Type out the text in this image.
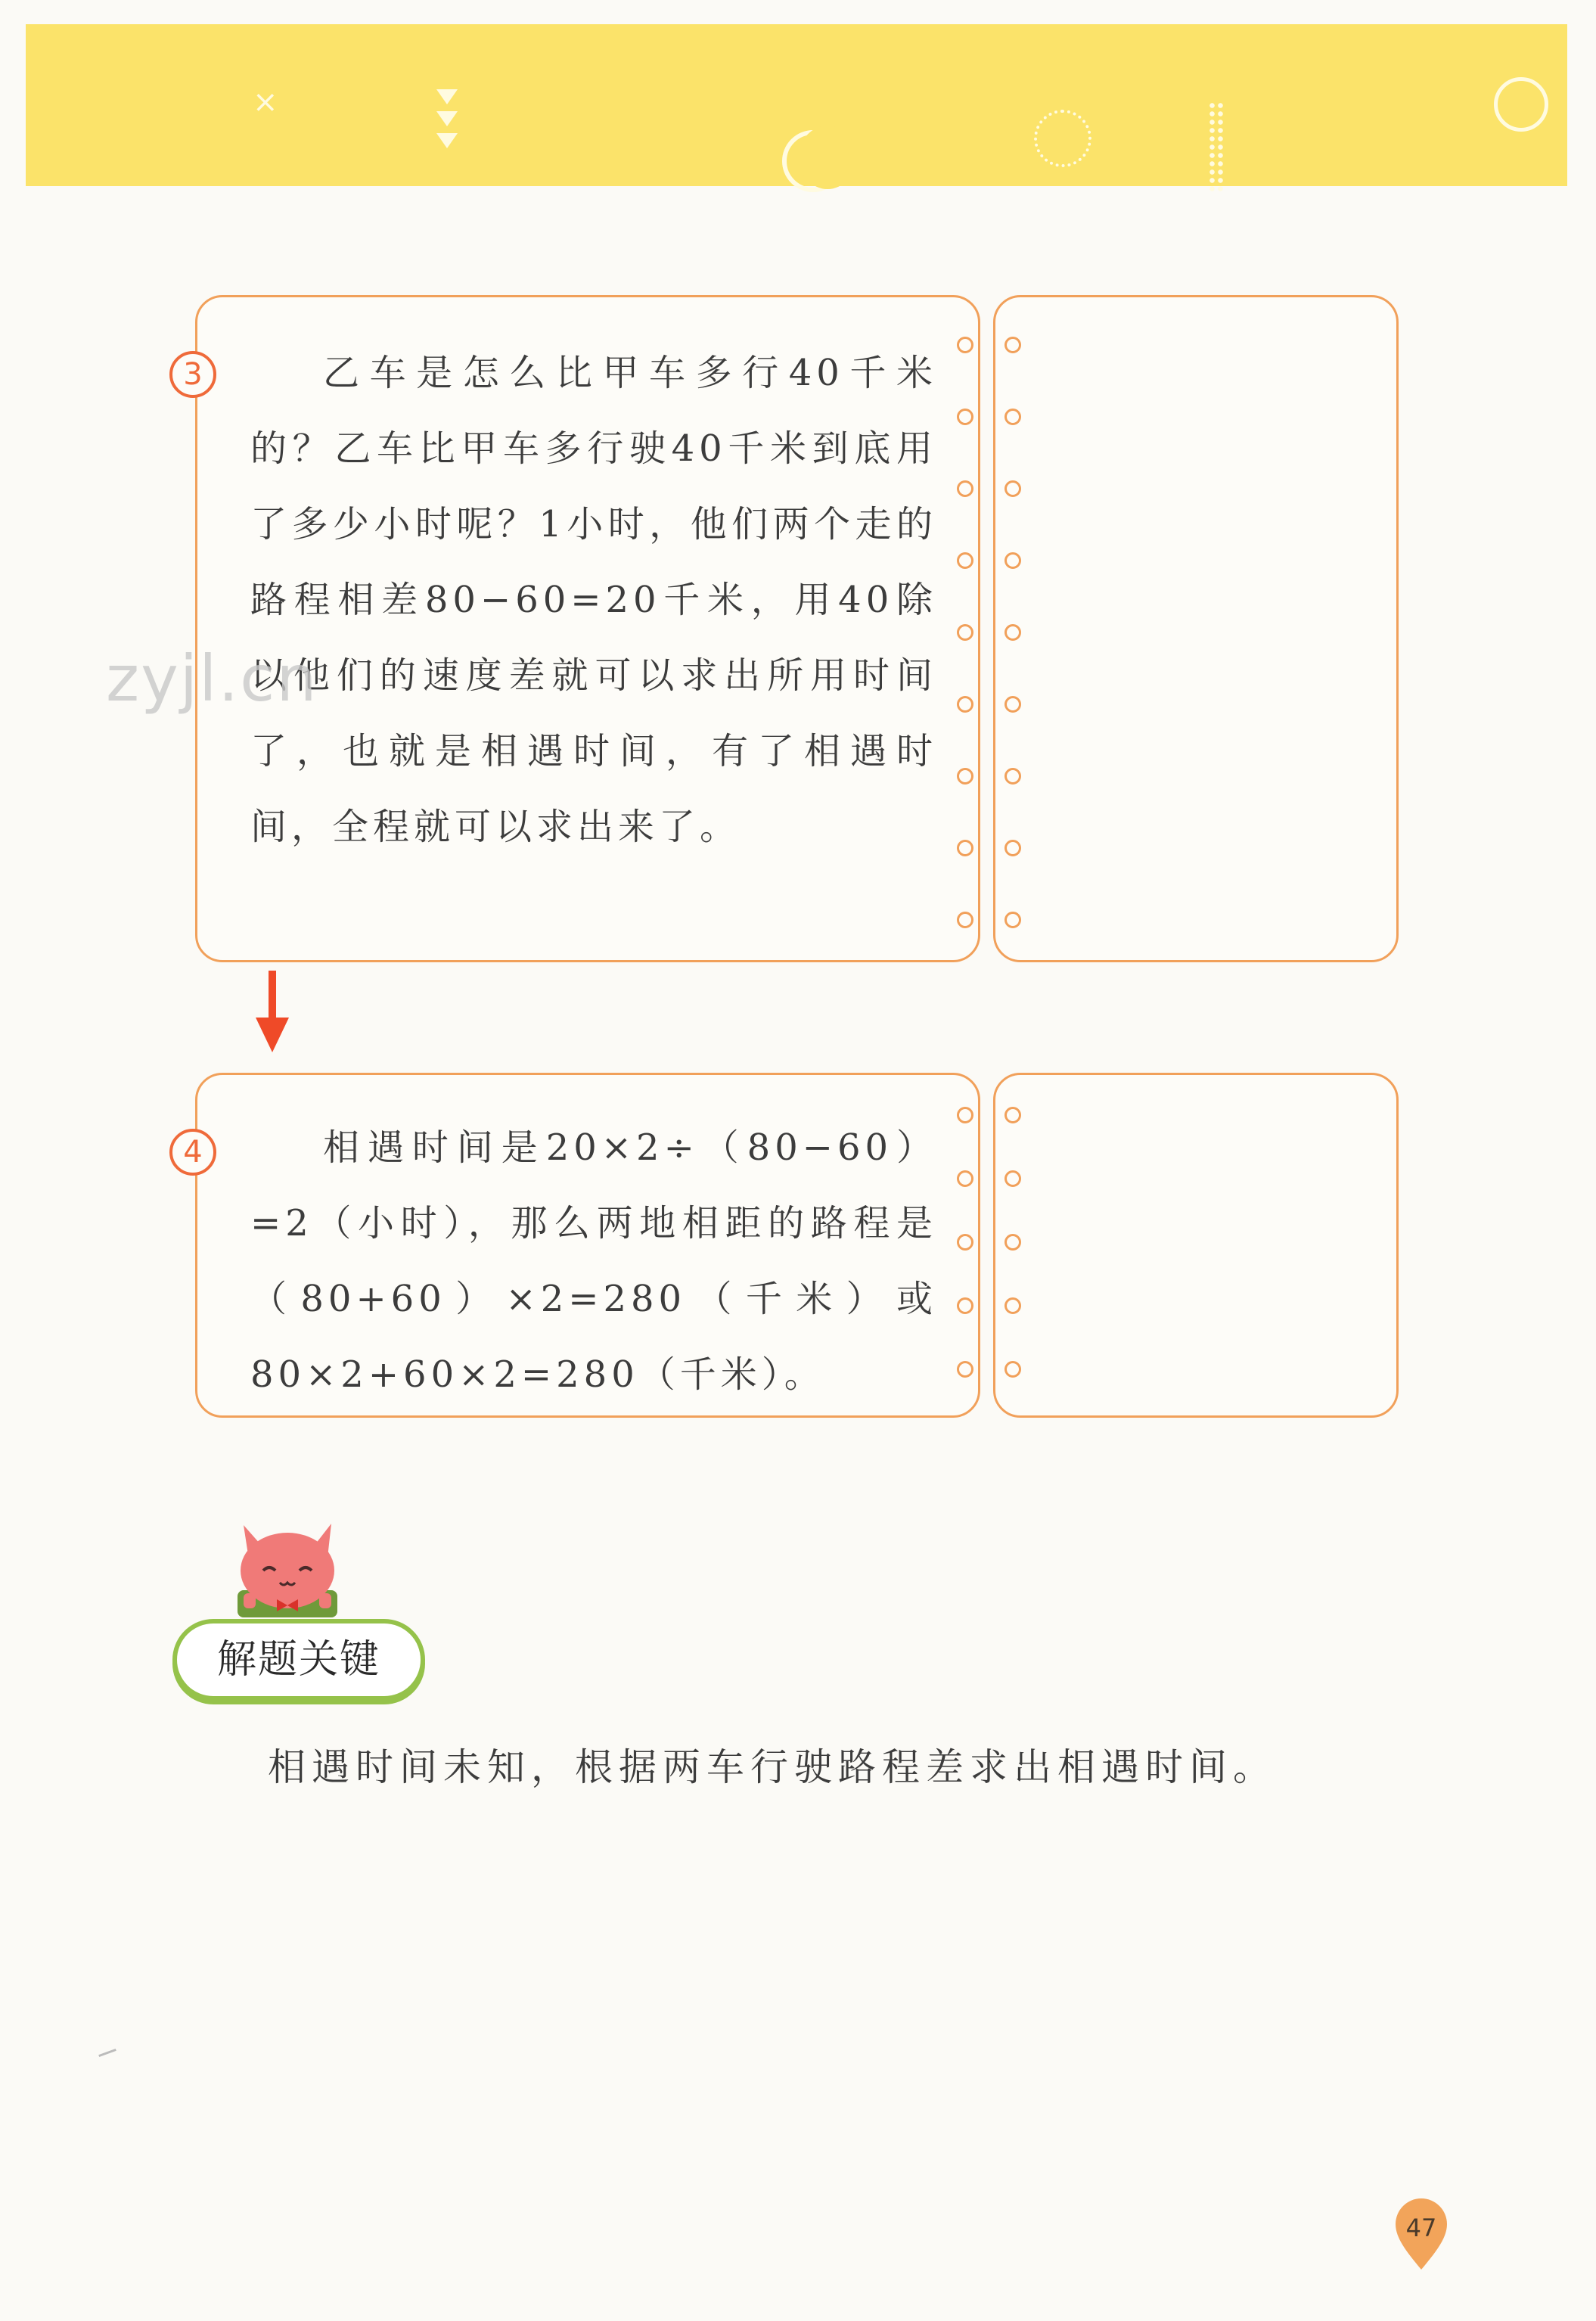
×

乙车是怎么比甲车多行40千米的？乙车比甲车多行驶40千米到底用了多少小时呢？1小时，他们两个走的路程相差80−60=20千米，用40除以他们的速度差就可以求出所用时间了，也就是相遇时间，有了相遇时间，全程就可以求出来了。

3
zyjl.cn

相遇时间是20×2÷（80−60）=2（小时），那么两地相距的路程是（80+60）×2=280（千米）或80×2+60×2=280（千米）。

4
解题关键

相遇时间未知，根据两车行驶路程差求出相遇时间。

47
